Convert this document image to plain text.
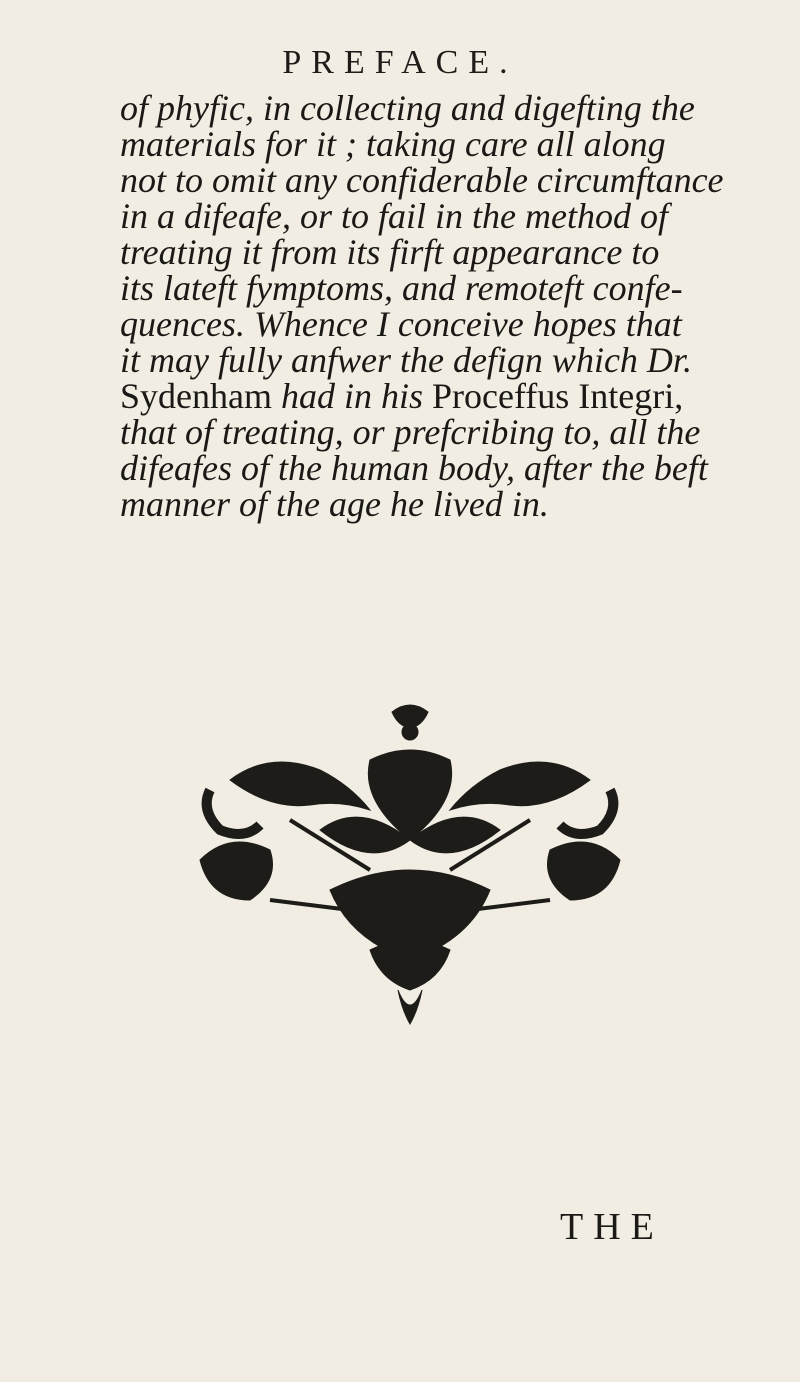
PREFACE.
of phyfic, in collecting and digefting the
materials for it ; taking care all along
not to omit any confiderable circumftance
in a difeafe, or to fail in the method of
treating it from its firft appearance to
its lateft fymptoms, and remoteft confe-
quences. Whence I conceive hopes that
it may fully anfwer the defign which Dr.
Sydenham had in his Proceffus Integri,
that of treating, or prefcribing to, all the
difeafes of the human body, after the beft
manner of the age he lived in.
THE
